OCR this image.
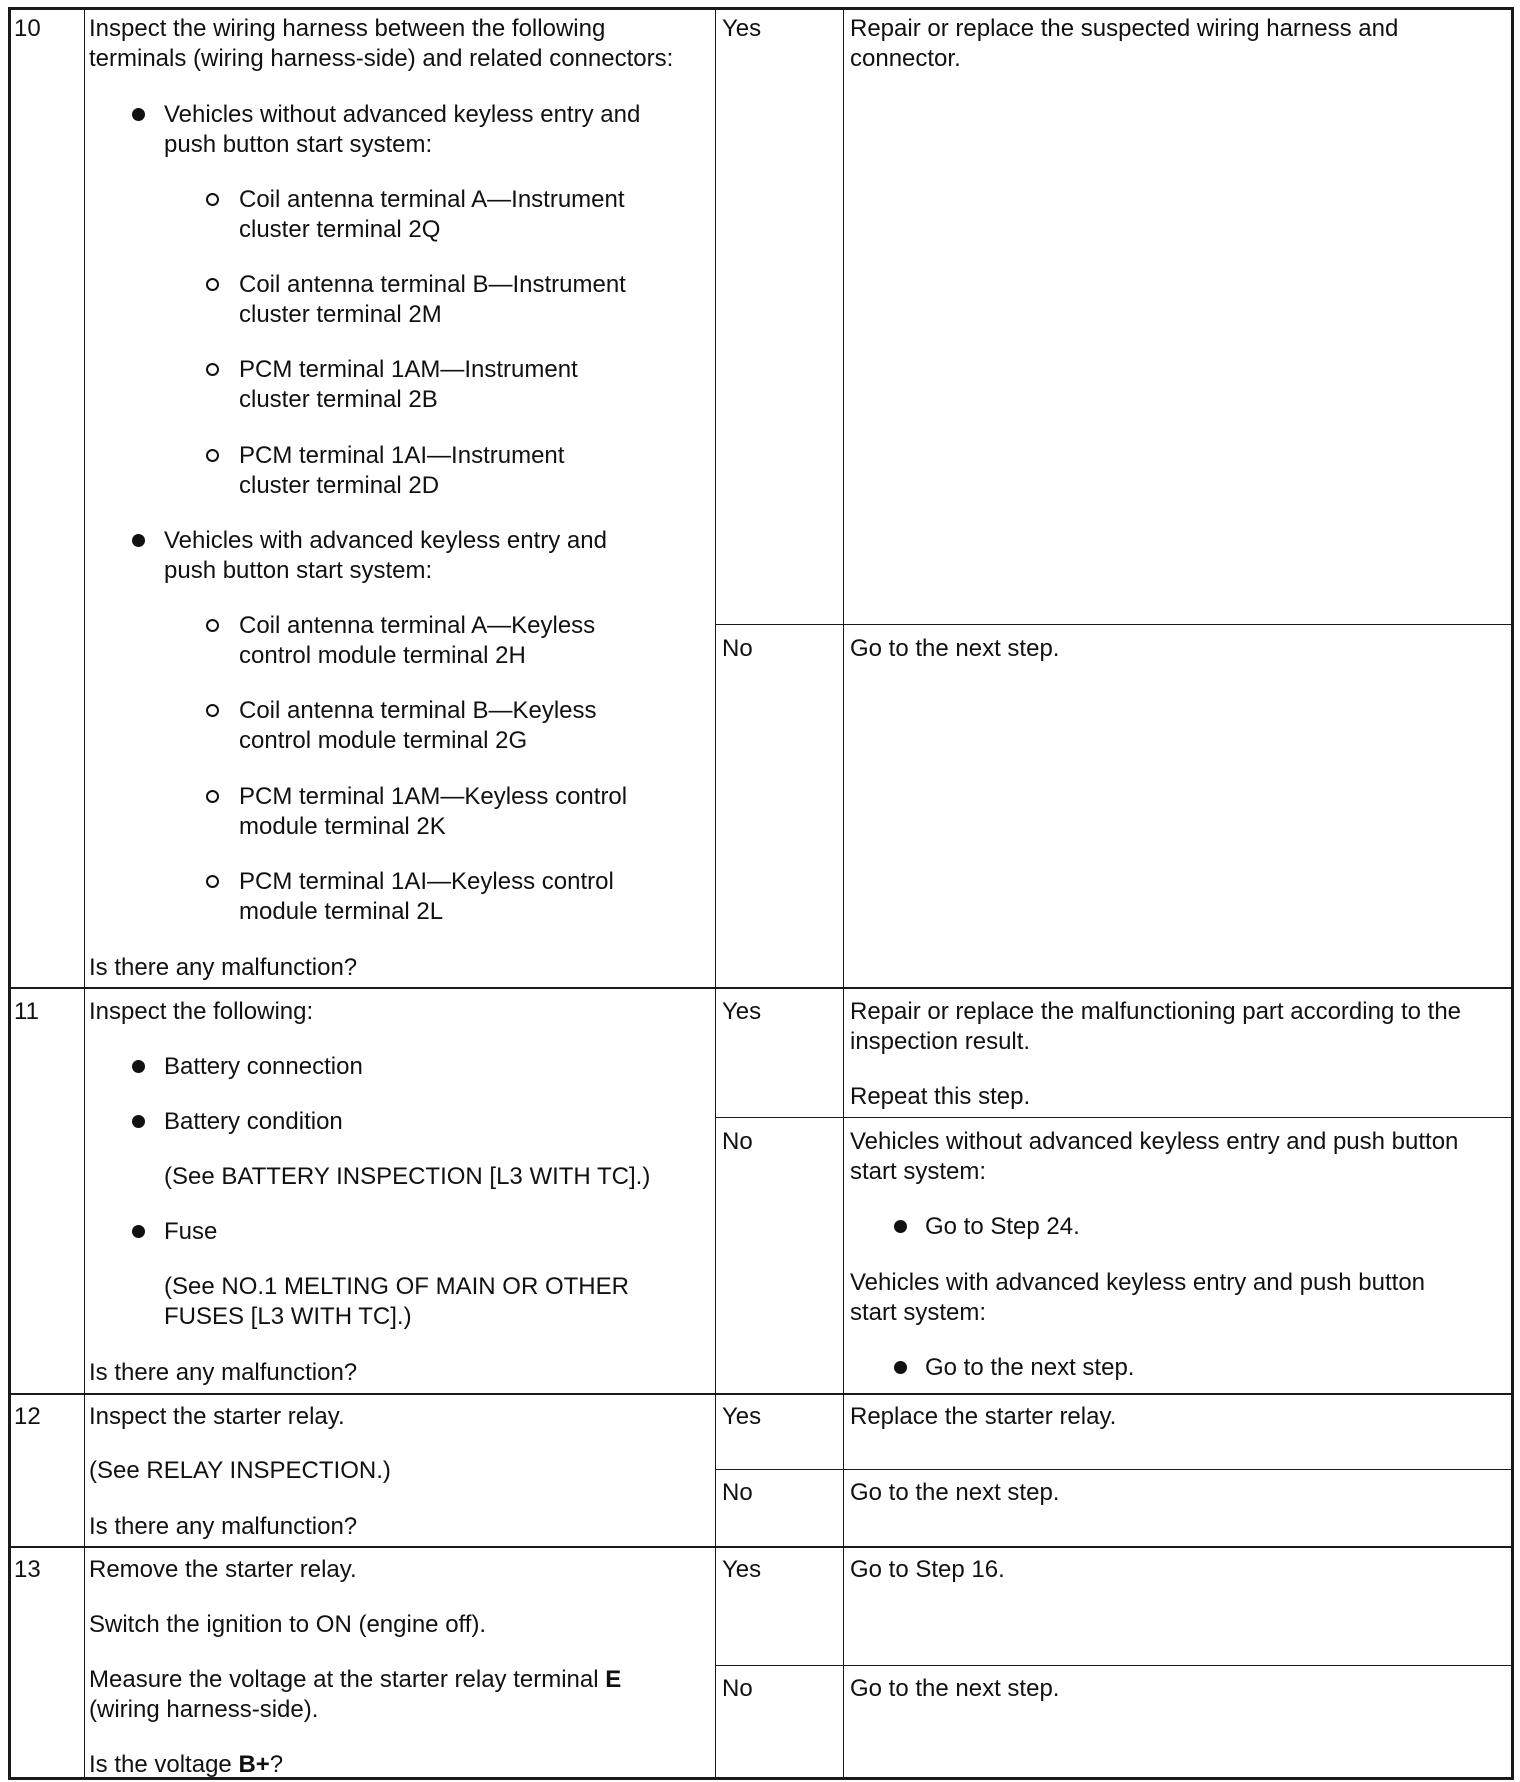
10 Inspect the wiring harness between the following
terminals (wiring harness-side) and related connectors:
Vehicles without advanced keyless entry and
push button start system:
Coil antenna terminal A—Instrument
cluster terminal 2Q
Coil antenna terminal B—Instrument
cluster terminal 2M
PCM terminal 1AM—Instrument
cluster terminal 2B
PCM terminal 1AI—Instrument
cluster terminal 2D
Vehicles with advanced keyless entry and
push button start system:
Coil antenna terminal A—Keyless
control module terminal 2H
Coil antenna terminal B—Keyless
control module terminal 2G
PCM terminal 1AM—Keyless control
module terminal 2K
PCM terminal 1AI—Keyless control
module terminal 2L
Is there any malfunction?
Yes	Repair or replace the suspected wiring harness and
connector.
No	Go to the next step.
11 Inspect the following:
Battery connection
Battery condition
(See BATTERY INSPECTION [L3 WITH TC].)
Fuse
(See NO.1 MELTING OF MAIN OR OTHER
FUSES [L3 WITH TC].)
Is there any malfunction?
Yes	Repair or replace the malfunctioning part according to the
inspection result.
Repeat this step.
No	Vehicles without advanced keyless entry and push button
start system:
Go to Step 24.
Vehicles with advanced keyless entry and push button
start system:
Go to the next step.
12 Inspect the starter relay.
(See RELAY INSPECTION.)
Is there any malfunction?
Yes	Replace the starter relay.
No	Go to the next step.
13 Remove the starter relay.
Switch the ignition to ON (engine off).
Measure the voltage at the starter relay terminal E
(wiring harness-side).
Is the voltage B+?
Yes	Go to Step 16.
No	Go to the next step.
